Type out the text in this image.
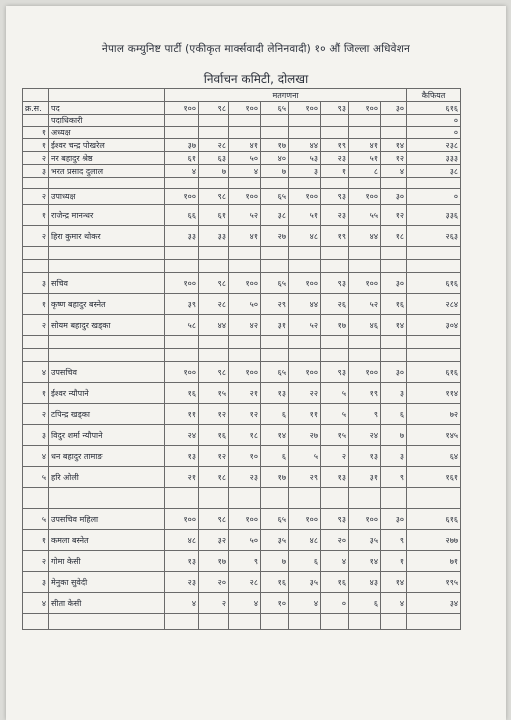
नेपाल कम्युनिष्ट पार्टी (एकीकृत मार्क्सवादी लेनिनवादी) १० औं जिल्ला अधिवेशन
निर्वाचन कमिटी, दोलखा
		मतगणना								कैफियत
क्र.स.	पद	१००	९८	१००	६५	१००	९३	१००	३०	६१६
	पदाधिकारी									०
१	अध्यक्ष									०
१	ईश्वर चन्द्र पोखरेल	३७	२८	४१	१७	४४	१९	४१	१४	२३८
२	नर बहादुर श्रेष्ठ	६१	६३	५०	४०	५३	२३	५१	१२	३३३
३	भरत प्रसाद दुलाल	४	७	४	७	३	१	८	४	३८

२	उपाध्यक्ष	१००	९८	१००	६५	१००	९३	१००	३०	०
१	राजेन्द्र मानन्धर	६६	६१	५२	३८	५१	२३	५५	१२	३३६
२	हिरा कुमार थोकर	३३	३३	४१	२७	४८	१९	४४	१८	२६३

३	सचिव	१००	९८	१००	६५	१००	९३	१००	३०	६१६
१	कृष्ण बहादुर बस्नेत	३९	२८	५०	२९	४४	२६	५२	१६	२८४
२	सोयम बहादुर खड्का	५८	४४	४२	३१	५२	१७	४६	१४	३०४

४	उपसचिव	१००	९८	१००	६५	१००	९३	१००	३०	६१६
१	ईश्वर न्यौपाने	१६	१५	२१	१३	२२	५	१९	३	११४
२	टपिन्द्र खड्का	११	१२	१२	६	११	५	९	६	७२
३	विदुर शर्मा न्यौपाने	२४	१६	१८	१४	२७	१५	२४	७	१४५
४	धन बहादुर तामाङ	१३	१२	१०	६	५	२	१३	३	६४
५	हरि ओली	२१	१८	२३	१७	२९	१३	३१	९	१६१

५	उपसचिव महिला	१००	९८	१००	६५	१००	९३	१००	३०	६१६
१	कमला बस्नेत	४८	३२	५०	३५	४८	२०	३५	९	२७७
२	गोमा केसी	१३	१७	९	७	६	४	१४	१	७१
३	मेनुका सुवेदी	२३	२०	२८	१६	३५	१६	४३	१४	१९५
४	सीता केसी	४	२	४	१०	४	०	६	४	३४
